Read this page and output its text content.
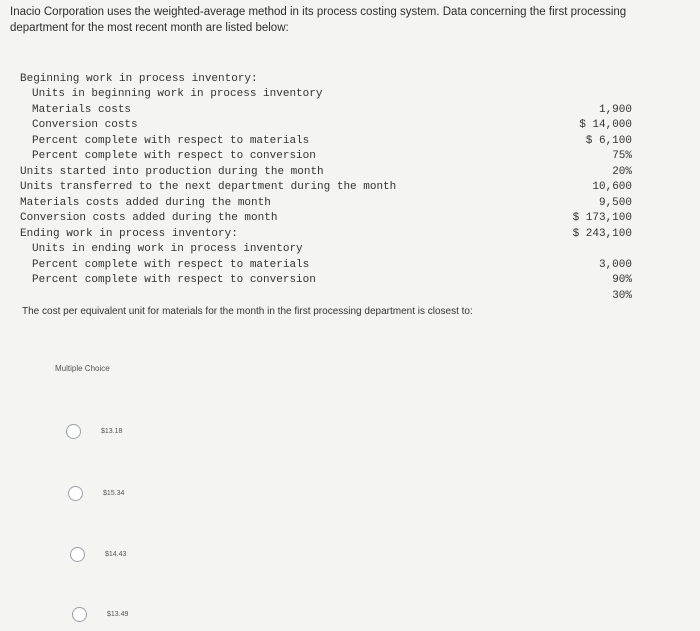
Inacio Corporation uses the weighted-average method in its process costing system. Data concerning the first processing department for the most recent month are listed below:

Beginning work in process inventory:

Units in beginning work in process inventory

1,900

Materials costs

$ 14,000

Conversion costs

$ 6,100

Percent complete with respect to materials

75%

Percent complete with respect to conversion

20%

Units started into production during the month

10,600

Units transferred to the next department during the month

9,500

Materials costs added during the month

$ 173,100

Conversion costs added during the month

$ 243,100

Ending work in process inventory:

Units in ending work in process inventory

3,000

Percent complete with respect to materials

90%

Percent complete with respect to conversion

30%

The cost per equivalent unit for materials for the month in the first processing department is closest to:
Multiple Choice
$13.18
$15.34
$14.43
$13.49
